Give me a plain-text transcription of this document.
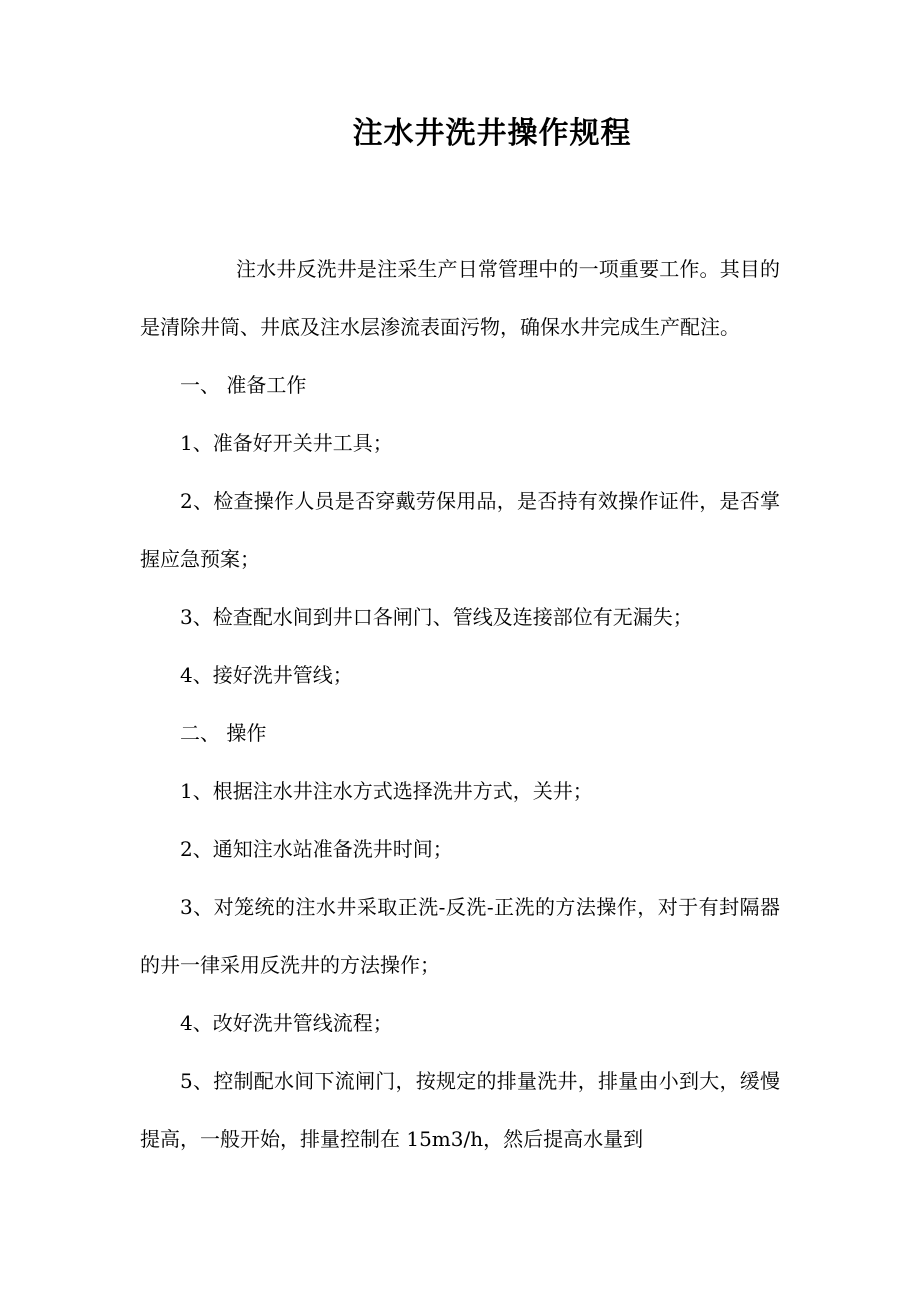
注水井洗井操作规程

注水井反洗井是注采生产日常管理中的一项重要工作。其目的是清除井筒、井底及注水层渗流表面污物，确保水井完成生产配注。

一、 准备工作

1、准备好开关井工具；

2、检查操作人员是否穿戴劳保用品，是否持有效操作证件，是否掌握应急预案；

3、检查配水间到井口各闸门、管线及连接部位有无漏失；

4、接好洗井管线；

二、 操作

1、根据注水井注水方式选择洗井方式，关井；

2、通知注水站准备洗井时间；

3、对笼统的注水井采取正洗-反洗-正洗的方法操作，对于有封隔器的井一律采用反洗井的方法操作；

4、改好洗井管线流程；

5、控制配水间下流闸门，按规定的排量洗井，排量由小到大，缓慢提高，一般开始，排量控制在 15m3/h，然后提高水量到
